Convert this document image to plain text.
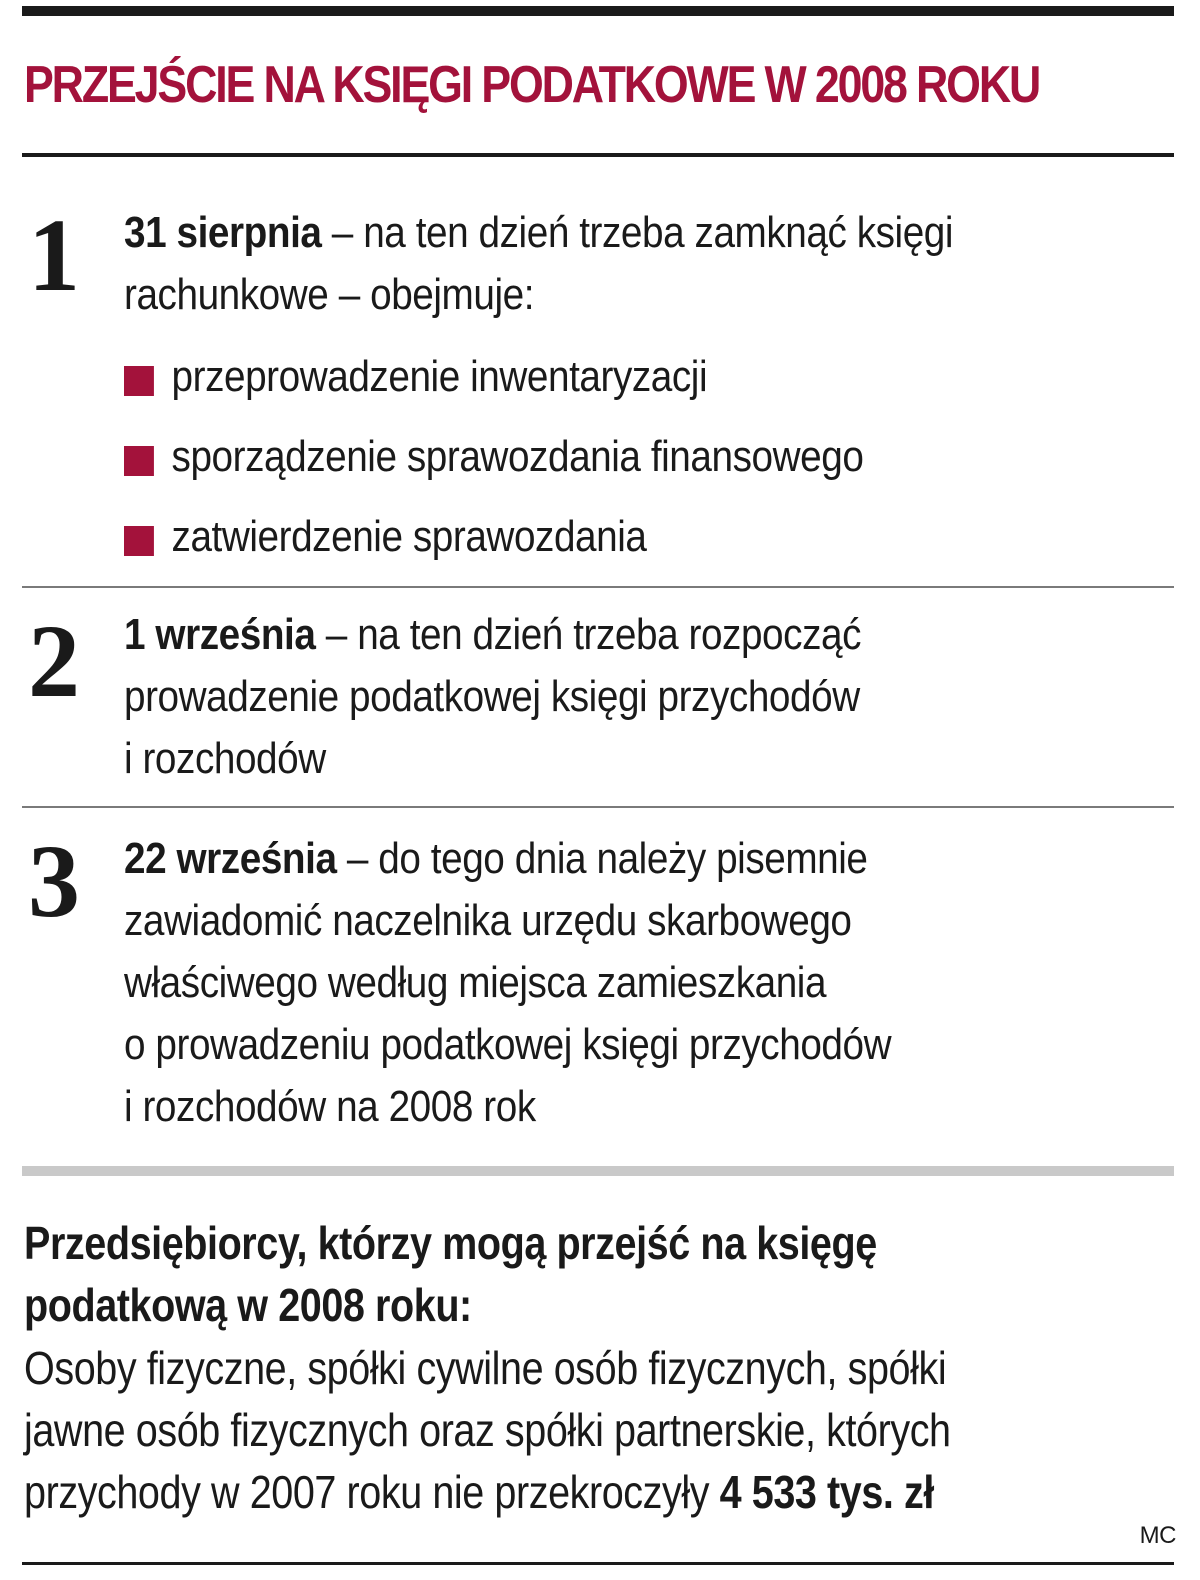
PRZEJŚCIE NA KSIĘGI PODATKOWE W 2008 ROKU
1 31 sierpnia – na ten dzień trzeba zamknąć księgi
rachunkowe – obejmuje:
przeprowadzenie inwentaryzacji
sporządzenie sprawozdania finansowego
zatwierdzenie sprawozdania
2 1 września – na ten dzień trzeba rozpocząć
prowadzenie podatkowej księgi przychodów
i rozchodów
3 22 września – do tego dnia należy pisemnie
zawiadomić naczelnika urzędu skarbowego
właściwego według miejsca zamieszkania
o prowadzeniu podatkowej księgi przychodów
i rozchodów na 2008 rok
Przedsiębiorcy, którzy mogą przejść na księgę
podatkową w 2008 roku:
Osoby fizyczne, spółki cywilne osób fizycznych, spółki
jawne osób fizycznych oraz spółki partnerskie, których
przychody w 2007 roku nie przekroczyły 4 533 tys. zł
MC
